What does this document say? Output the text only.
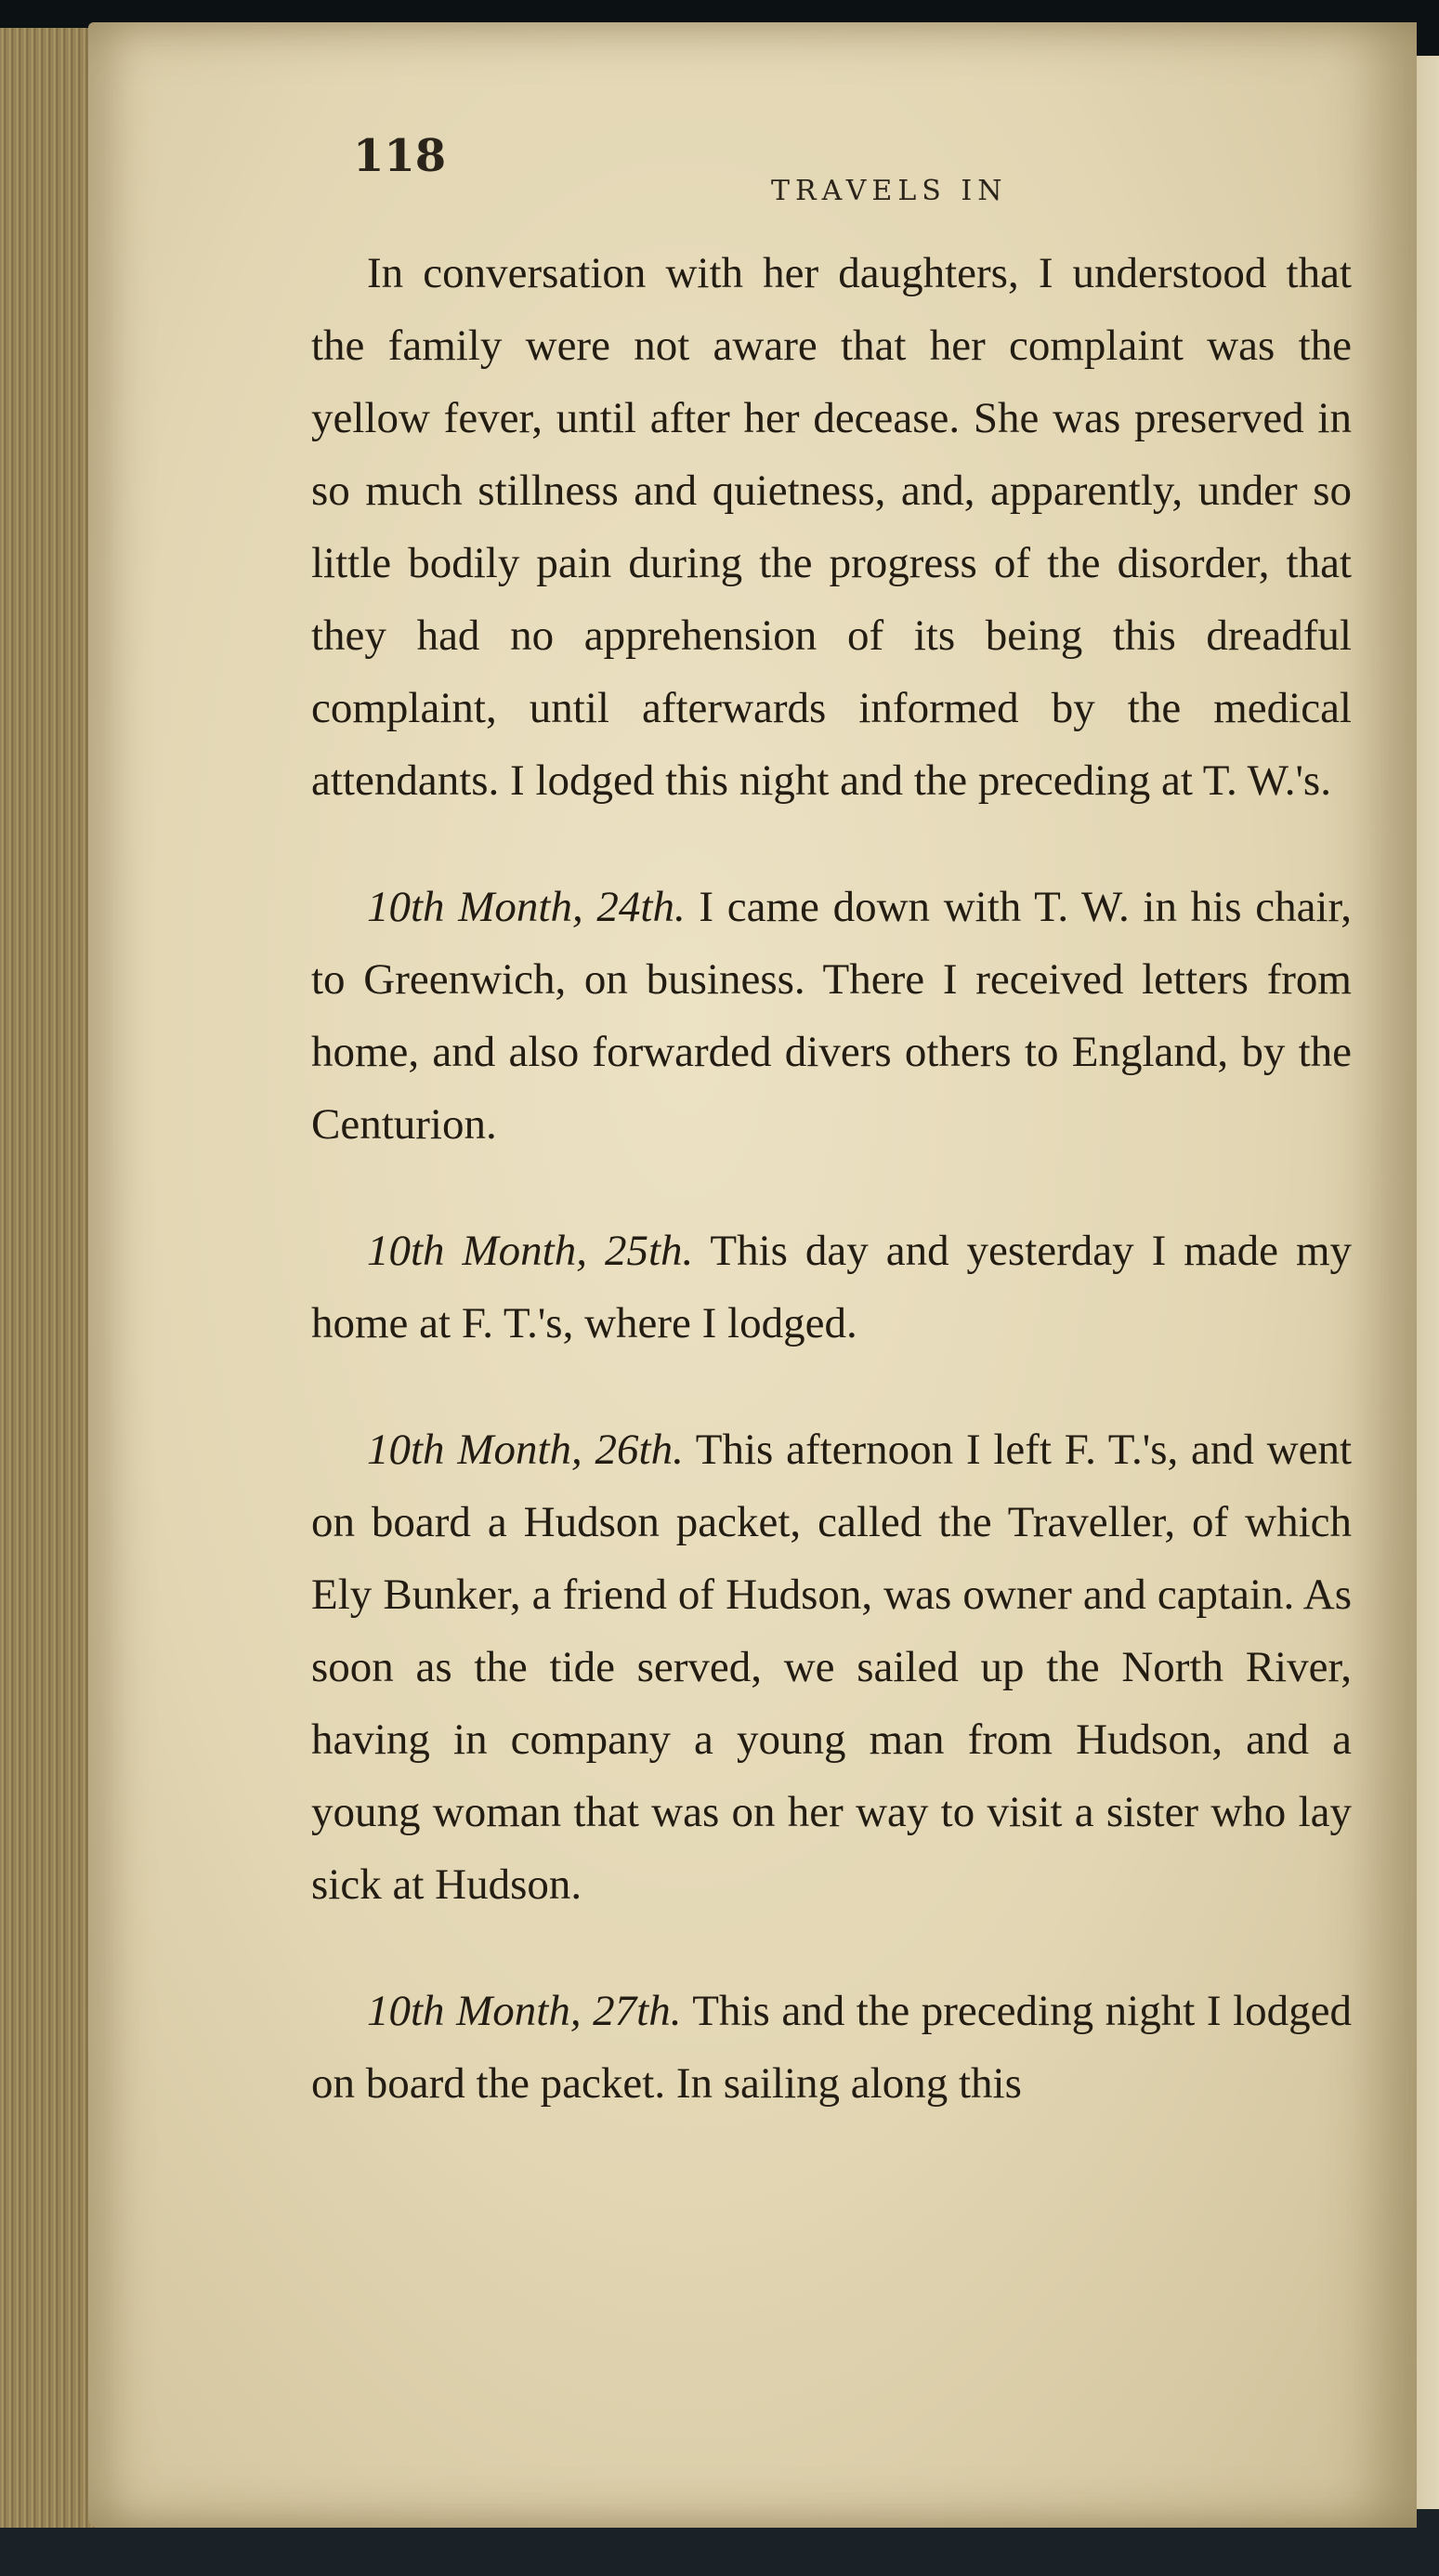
118
TRAVELS IN

In conversation with her daughters, I understood that the family were not aware that her complaint was the yellow fever, until after her decease. She was preserved in so much stillness and quietness, and, apparently, under so little bodily pain during the progress of the disorder, that they had no apprehension of its being this dreadful complaint, until afterwards informed by the medical attendants. I lodged this night and the preceding at T. W.'s.

10th Month, 24th. I came down with T. W. in his chair, to Greenwich, on business. There I received letters from home, and also forwarded divers others to England, by the Centurion.

10th Month, 25th. This day and yesterday I made my home at F. T.'s, where I lodged.

10th Month, 26th. This afternoon I left F. T.'s, and went on board a Hudson packet, called the Traveller, of which Ely Bunker, a friend of Hudson, was owner and captain. As soon as the tide served, we sailed up the North River, having in company a young man from Hudson, and a young woman that was on her way to visit a sister who lay sick at Hudson.

10th Month, 27th. This and the preceding night I lodged on board the packet. In sailing along this
